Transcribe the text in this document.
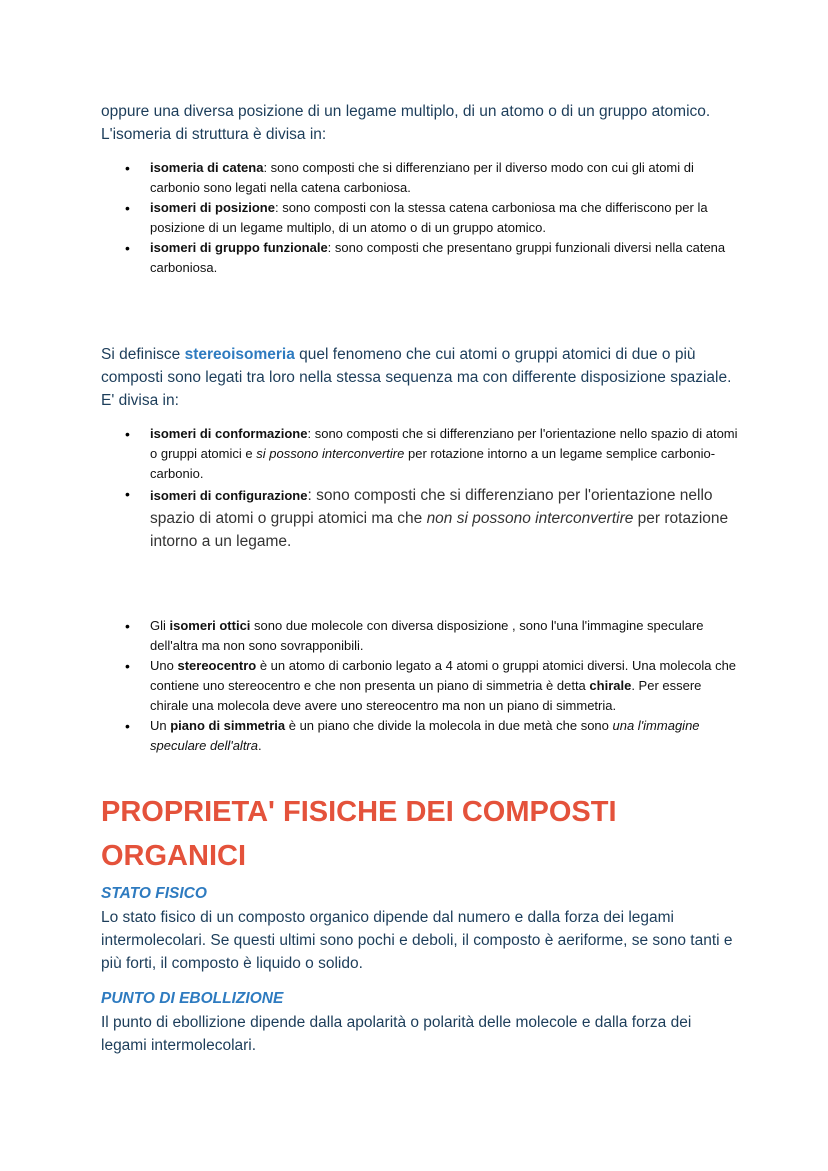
oppure una diversa posizione di un legame multiplo, di un atomo o di un gruppo atomico. L'isomeria di struttura è divisa in:

• isomeria di catena: sono composti che si differenziano per il diverso modo con cui gli atomi di carbonio sono legati nella catena carboniosa.
• isomeri di posizione: sono composti con la stessa catena carboniosa ma che differiscono per la posizione di un legame multiplo, di un atomo o di un gruppo atomico.
• isomeri di gruppo funzionale: sono composti che presentano gruppi funzionali diversi nella catena carboniosa.

Si definisce stereoisomeria quel fenomeno che cui atomi o gruppi atomici di due o più composti sono legati tra loro nella stessa sequenza ma con differente disposizione spaziale. E' divisa in:

• isomeri di conformazione: sono composti che si differenziano per l'orientazione nello spazio di atomi o gruppi atomici e si possono interconvertire per rotazione intorno a un legame semplice carbonio-carbonio.
• isomeri di configurazione: sono composti che si differenziano per l'orientazione nello spazio di atomi o gruppi atomici ma che non si possono interconvertire per rotazione intorno a un legame.
• Gli isomeri ottici sono due molecole con diversa disposizione , sono l'una l'immagine speculare dell'altra ma non sono sovrapponibili.
• Uno stereocentro è un atomo di carbonio legato a 4 atomi o gruppi atomici diversi. Una molecola che contiene uno stereocentro e che non presenta un piano di simmetria è detta chirale. Per essere chirale una molecola deve avere uno stereocentro ma non un piano di simmetria.
• Un piano di simmetria è un piano che divide la molecola in due metà che sono una l'immagine speculare dell'altra.
PROPRIETA' FISICHE DEI COMPOSTI ORGANICI
STATO FISICO

Lo stato fisico di un composto organico dipende dal numero e dalla forza dei legami intermolecolari. Se questi ultimi sono pochi e deboli, il composto è aeriforme, se sono tanti e più forti, il composto è liquido o solido.

PUNTO DI EBOLLIZIONE

Il punto di ebollizione dipende dalla apolarità o polarità delle molecole e dalla forza dei legami intermolecolari.
